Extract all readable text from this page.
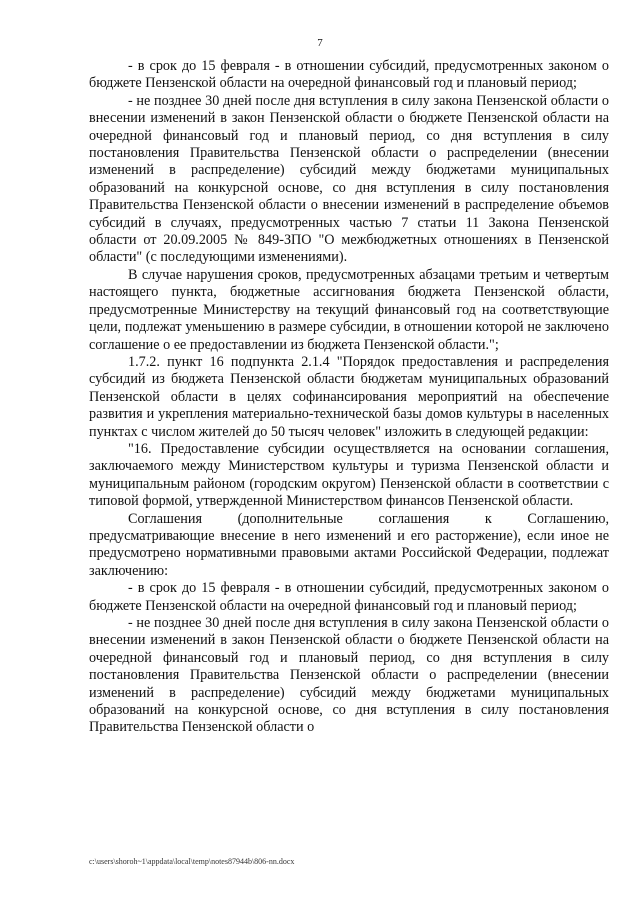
7

- в срок до 15 февраля - в отношении субсидий, предусмотренных законом о бюджете Пензенской области на очередной финансовый год и плановый период;

- не позднее 30 дней после дня вступления в силу закона Пензенской области о внесении изменений в закон Пензенской области о бюджете Пензенской области на очередной финансовый год и плановый период, со дня вступления в силу постановления Правительства Пензенской области о распределении (внесении изменений в распределение) субсидий между бюджетами муниципальных образований на конкурсной основе, со дня вступления в силу постановления Правительства Пензенской области о внесении изменений в распределение объемов субсидий в случаях, предусмотренных частью 7 статьи 11 Закона Пензенской области от 20.09.2005 № 849-ЗПО "О межбюджетных отношениях в Пензенской области" (с последующими изменениями).

В случае нарушения сроков, предусмотренных абзацами третьим и четвертым настоящего пункта, бюджетные ассигнования бюджета Пензенской области, предусмотренные Министерству на текущий финансовый год на соответствующие цели, подлежат уменьшению в размере субсидии, в отношении которой не заключено соглашение о ее предоставлении из бюджета Пензенской области.";

1.7.2. пункт 16 подпункта 2.1.4 "Порядок предоставления и распределения субсидий из бюджета Пензенской области бюджетам муниципальных образований Пензенской области в целях софинансирования мероприятий на обеспечение развития и укрепления материально-технической базы домов культуры в населенных пунктах с числом жителей до 50 тысяч человек" изложить в следующей редакции:

"16. Предоставление субсидии осуществляется на основании соглашения, заключаемого между Министерством культуры и туризма Пензенской области и муниципальным районом (городским округом) Пензенской области в соответствии с типовой формой, утвержденной Министерством финансов Пензенской области.

Соглашения (дополнительные соглашения к Соглашению, предусматривающие внесение в него изменений и его расторжение), если иное не предусмотрено нормативными правовыми актами Российской Федерации, подлежат заключению:

- в срок до 15 февраля - в отношении субсидий, предусмотренных законом о бюджете Пензенской области на очередной финансовый год и плановый период;

- не позднее 30 дней после дня вступления в силу закона Пензенской области о внесении изменений в закон Пензенской области о бюджете Пензенской области на очередной финансовый год и плановый период, со дня вступления в силу постановления Правительства Пензенской области о распределении (внесении изменений в распределение) субсидий между бюджетами муниципальных образований на конкурсной основе, со дня вступления в силу постановления Правительства Пензенской области о

c:\users\shoroh~1\appdata\local\temp\notes87944b\806-nn.docx
